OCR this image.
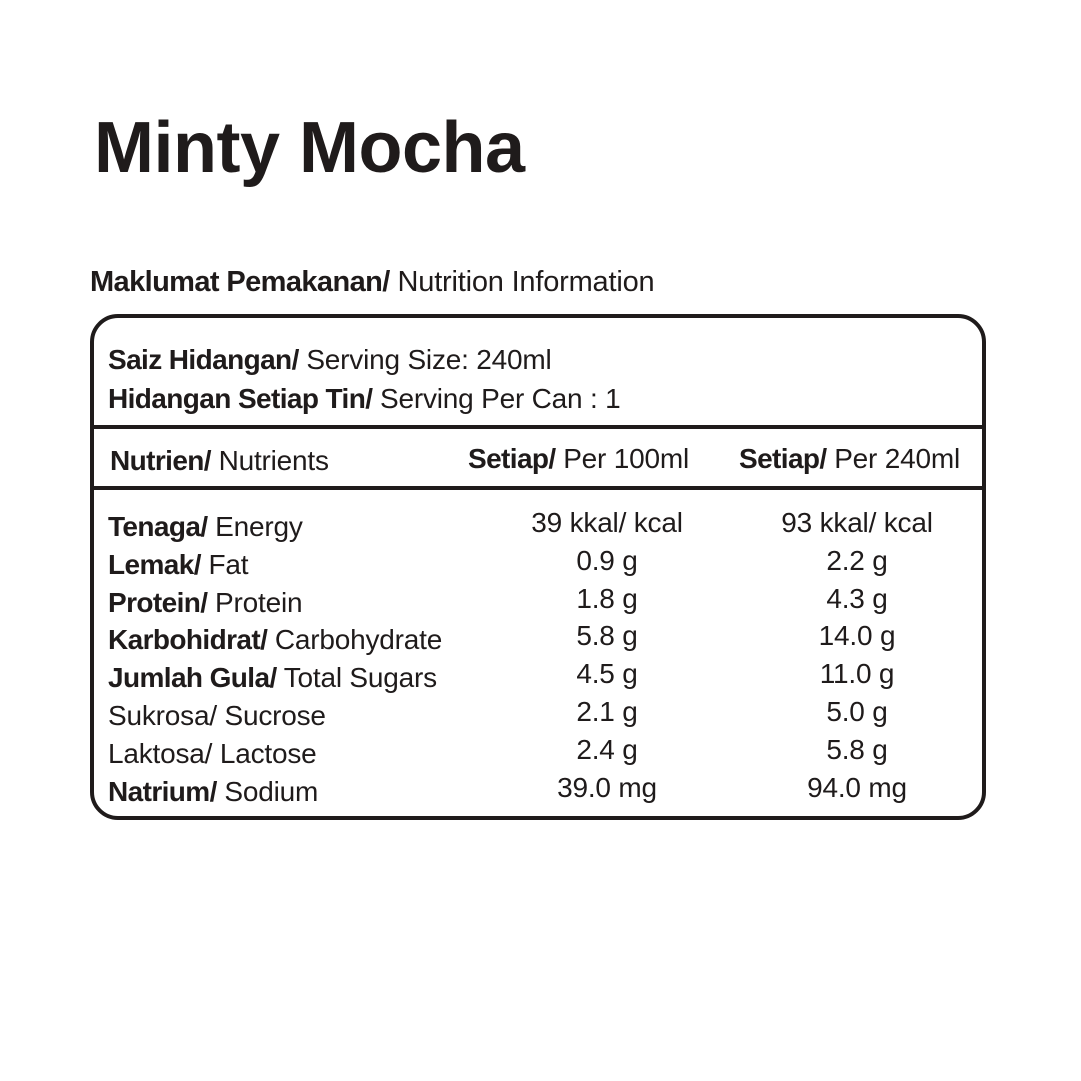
Minty Mocha
Maklumat Pemakanan/ Nutrition Information
Saiz Hidangan/ Serving Size: 240ml
Hidangan Setiap Tin/ Serving Per Can : 1
Nutrien/ Nutrients	Setiap/ Per 100ml Setiap/ Per 240ml
Tenaga/ Energy	39 kkal/ kcal	93 kkal/ kcal
Lemak/ Fat	0.9 g	2.2 g
Protein/ Protein	1.8 g	4.3 g
Karbohidrat/ Carbohydrate	5.8 g	14.0 g
Jumlah Gula/ Total Sugars	4.5 g	11.0 g
Sukrosa/ Sucrose	2.1 g	5.0 g
Laktosa/ Lactose	2.4 g	5.8 g
Natrium/ Sodium	39.0 mg	94.0 mg
